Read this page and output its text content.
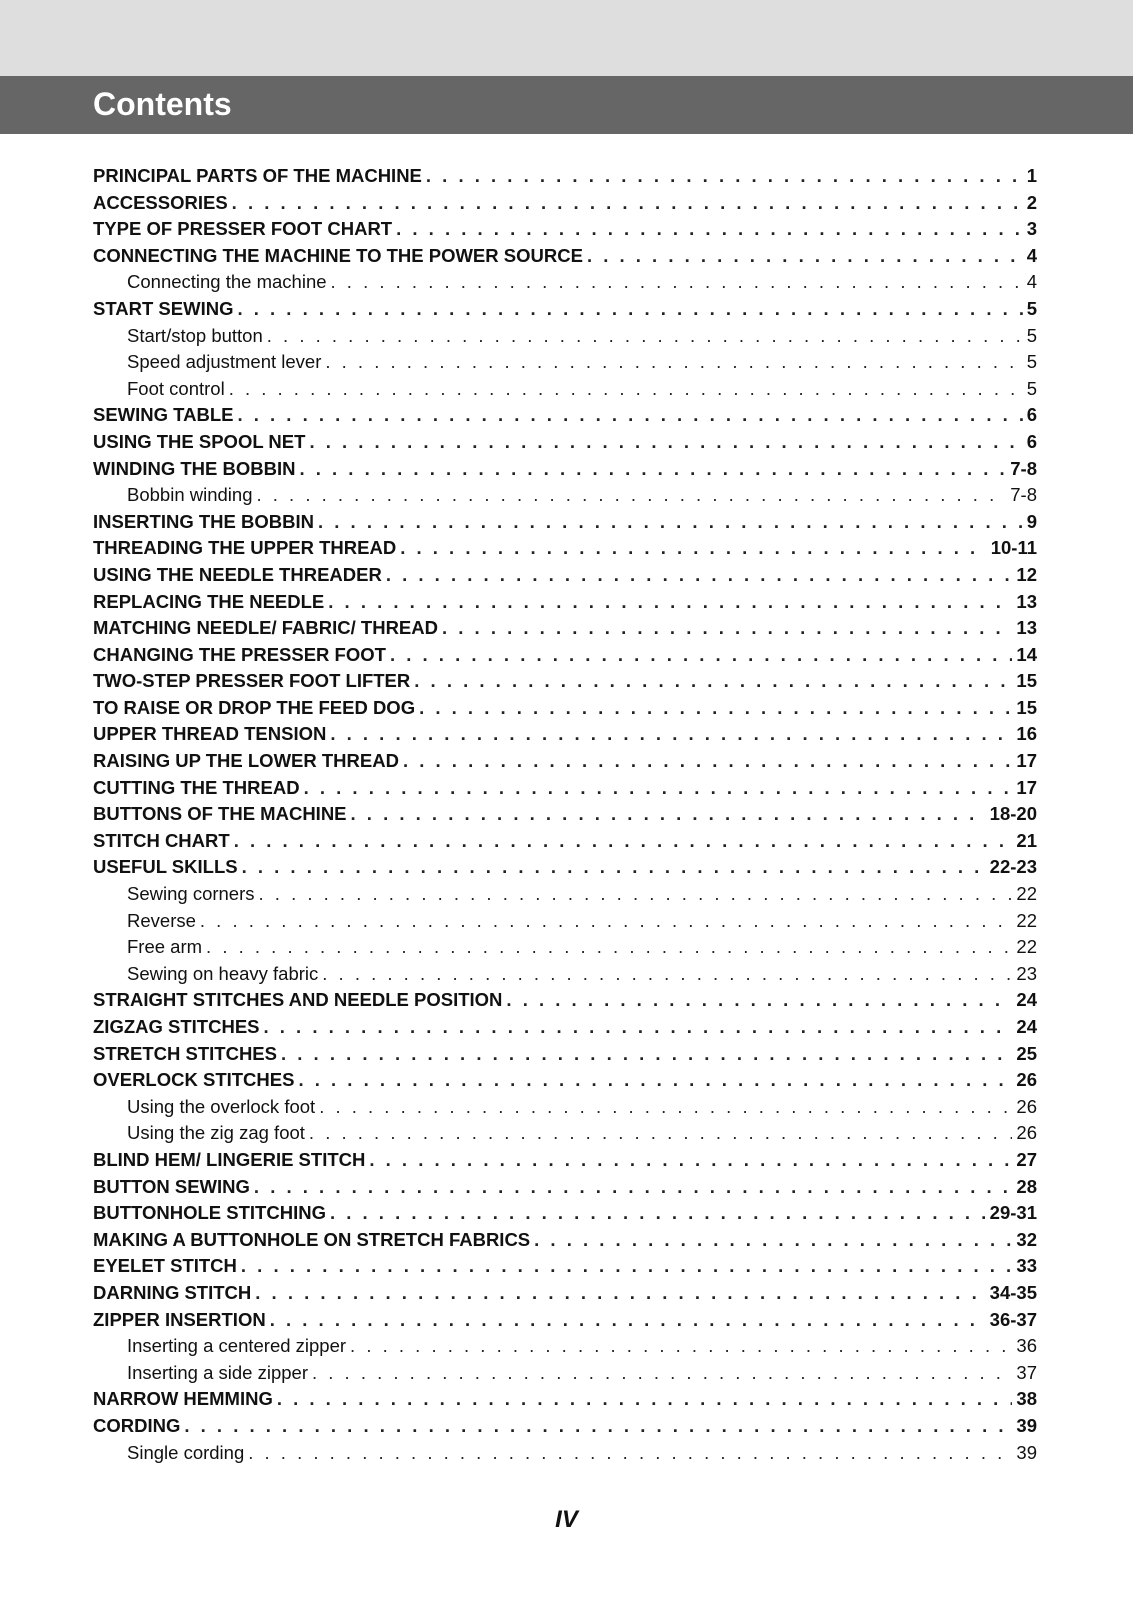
Contents
PRINCIPAL PARTS OF THE MACHINE . . .	1
ACCESSORIES . . .	2
TYPE OF PRESSER FOOT CHART . . .	3
CONNECTING THE MACHINE TO THE POWER SOURCE . . .	4
Connecting the machine . . .	4
START SEWING . . .	5
Start/stop button . . .	5
Speed adjustment lever . . .	5
Foot control . . .	5
SEWING TABLE . . .	6
USING THE SPOOL NET . . .	6
WINDING THE BOBBIN . . .	7-8
Bobbin winding . . .	7-8
INSERTING THE BOBBIN . . .	9
THREADING THE UPPER THREAD . . .	10-11
USING THE NEEDLE THREADER . . .	12
REPLACING THE NEEDLE . . .	13
MATCHING NEEDLE/ FABRIC/ THREAD . . .	13
CHANGING THE PRESSER FOOT . . .	14
TWO-STEP PRESSER FOOT LIFTER . . .	15
TO RAISE OR DROP THE FEED DOG . . .	15
UPPER THREAD TENSION . . .	16
RAISING UP THE LOWER THREAD . . .	17
CUTTING THE THREAD . . .	17
BUTTONS OF THE MACHINE . . .	18-20
STITCH CHART . . .	21
USEFUL SKILLS . . .	22-23
Sewing corners . . .	22
Reverse . . .	22
Free arm . . .	22
Sewing on heavy fabric . . .	23
STRAIGHT STITCHES AND NEEDLE POSITION . . .	24
ZIGZAG STITCHES . . .	24
STRETCH STITCHES . . .	25
OVERLOCK STITCHES . . .	26
Using the overlock foot . . .	26
Using the zig zag foot . . .	26
BLIND HEM/ LINGERIE STITCH . . .	27
BUTTON SEWING . . .	28
BUTTONHOLE STITCHING . . .	29-31
MAKING A BUTTONHOLE ON STRETCH FABRICS . . .	32
EYELET STITCH . . .	33
DARNING STITCH . . .	34-35
ZIPPER INSERTION . . .	36-37
Inserting a centered zipper . . .	36
Inserting a side zipper . . .	37
NARROW HEMMING . . .	38
CORDING . . .	39
Single cording . . .	39
IV
